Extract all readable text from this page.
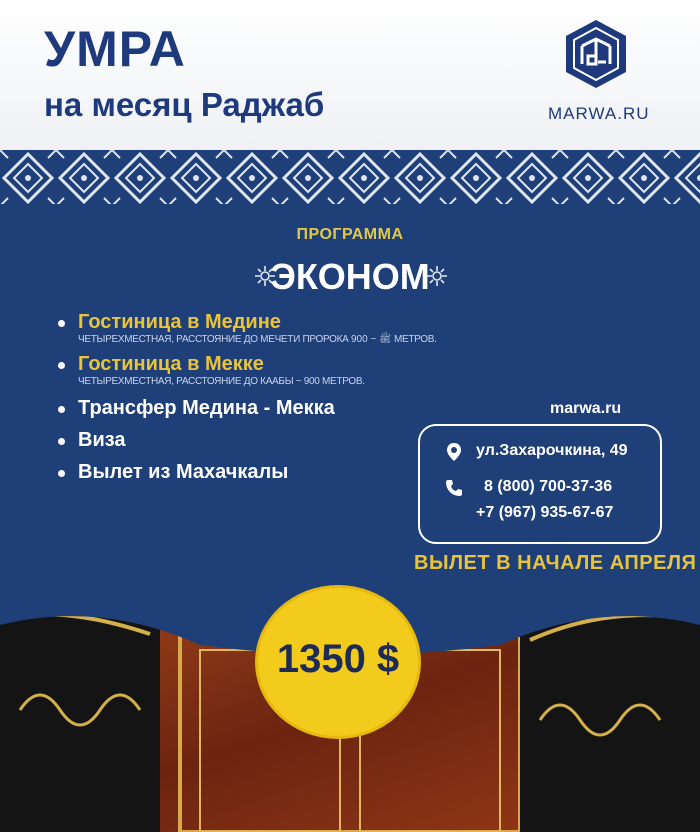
УМРА
на месяц Раджаб	MARWA.RU
ПРОГРАММА
ЭКОНОМ
Гостиница в Медине
ЧЕТЫРЕХМЕСТНАЯ, РАССТОЯНИЕ ДО МЕЧЕТИ ПРОРОКА ﷺ ~ 900 МЕТРОВ.
Гостиница в Мекке
ЧЕТЫРЕХМЕСТНАЯ, РАССТОЯНИЕ ДО КААБЫ ~ 900 МЕТРОВ.
Трансфер Медина - Мекка
Виза
Вылет из Махачкалы
marwa.ru
ул.Захарочкина, 49
8 (800) 700-37-36
+7 (967) 935-67-67
ВЫЛЕТ В НАЧАЛЕ АПРЕЛЯ
1350 $
